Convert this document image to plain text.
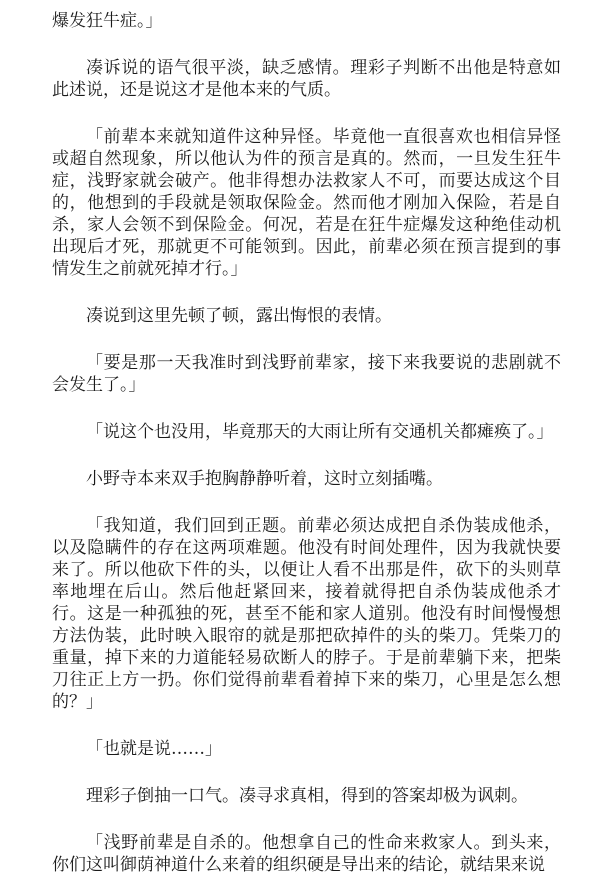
爆发狂牛症。」

凑诉说的语气很平淡，缺乏感情。理彩子判断不出他是特意如此述说，还是说这才是他本来的气质。

「前辈本来就知道件这种异怪。毕竟他一直很喜欢也相信异怪或超自然现象，所以他认为件的预言是真的。然而，一旦发生狂牛症，浅野家就会破产。他非得想办法救家人不可，而要达成这个目的，他想到的手段就是领取保险金。然而他才刚加入保险，若是自杀，家人会领不到保险金。何况，若是在狂牛症爆发这种绝佳动机出现后才死，那就更不可能领到。因此，前辈必须在预言提到的事情发生之前就死掉才行。」

凑说到这里先顿了顿，露出悔恨的表情。

「要是那一天我准时到浅野前辈家，接下来我要说的悲剧就不会发生了。」

「说这个也没用，毕竟那天的大雨让所有交通机关都瘫痪了。」

小野寺本来双手抱胸静静听着，这时立刻插嘴。

「我知道，我们回到正题。前辈必须达成把自杀伪装成他杀，以及隐瞒件的存在这两项难题。他没有时间处理件，因为我就快要来了。所以他砍下件的头，以便让人看不出那是件，砍下的头则草率地埋在后山。然后他赶紧回来，接着就得把自杀伪装成他杀才行。这是一种孤独的死，甚至不能和家人道别。他没有时间慢慢想方法伪装，此时映入眼帘的就是那把砍掉件的头的柴刀。凭柴刀的重量，掉下来的力道能轻易砍断人的脖子。于是前辈躺下来，把柴刀往正上方一扔。你们觉得前辈看着掉下来的柴刀，心里是怎么想的？」

「也就是说……」

理彩子倒抽一口气。凑寻求真相，得到的答案却极为讽刺。

「浅野前辈是自杀的。他想拿自己的性命来救家人。到头来，你们这叫御荫神道什么来着的组织硬是导出来的结论，就结果来说
